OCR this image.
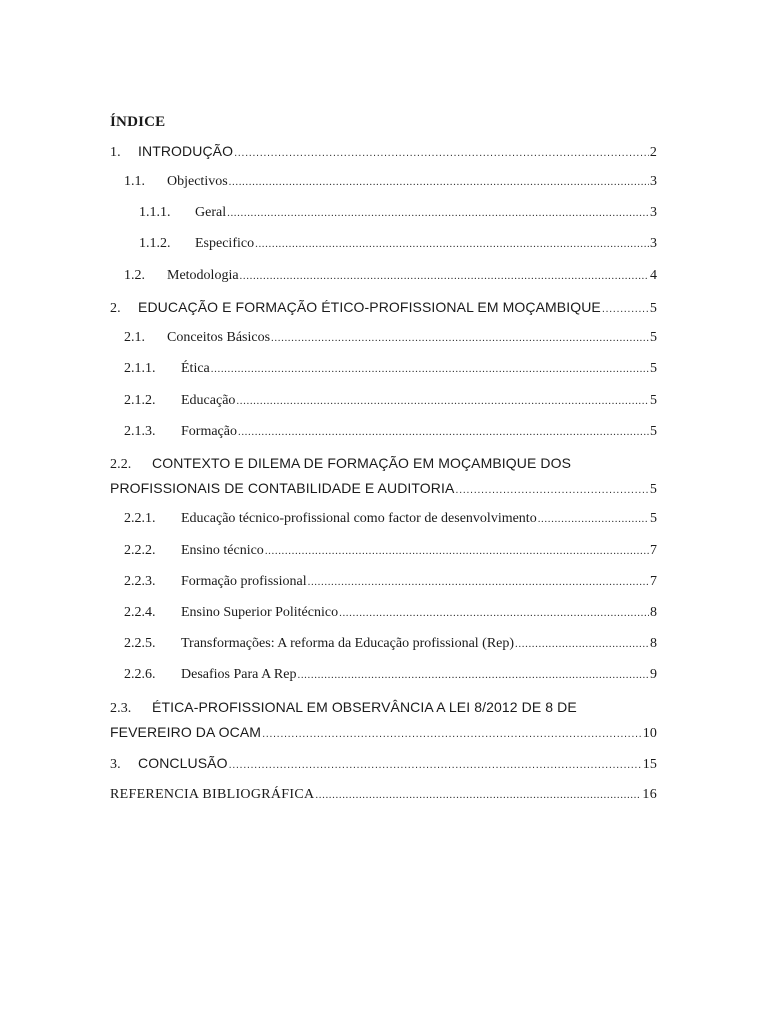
ÍNDICE
1.	INTRODUÇÃO .....	2
1.1.	Objectivos .....	3
1.1.1.	Geral .....	3
1.1.2.	Especifico .....	3
1.2.	Metodologia .....	4
2.	EDUCAÇÃO E FORMAÇÃO ÉTICO-PROFISSIONAL EM MOÇAMBIQUE .....	5
2.1.	Conceitos Básicos .....	5
2.1.1.	Ética .....	5
2.1.2.	Educação .....	5
2.1.3.	Formação .....	5
2.2. CONTEXTO E DILEMA DE FORMAÇÃO EM MOÇAMBIQUE DOS
PROFISSIONAIS DE CONTABILIDADE E AUDITORIA .....	5
2.2.1.	Educação técnico-profissional como factor de desenvolvimento .....	5
2.2.2.	Ensino técnico .....	7
2.2.3.	Formação profissional .....	7
2.2.4.	Ensino Superior Politécnico .....	8
2.2.5.	Transformações: A reforma da Educação profissional (Rep) .....	8
2.2.6.	Desafios Para A Rep .....	9
2.3. ÉTICA-PROFISSIONAL EM OBSERVÂNCIA A LEI 8/2012 DE 8 DE
FEVEREIRO DA OCAM .....	10
3.	CONCLUSÃO .....	15
REFERENCIA BIBLIOGRÁFICA .....	16
